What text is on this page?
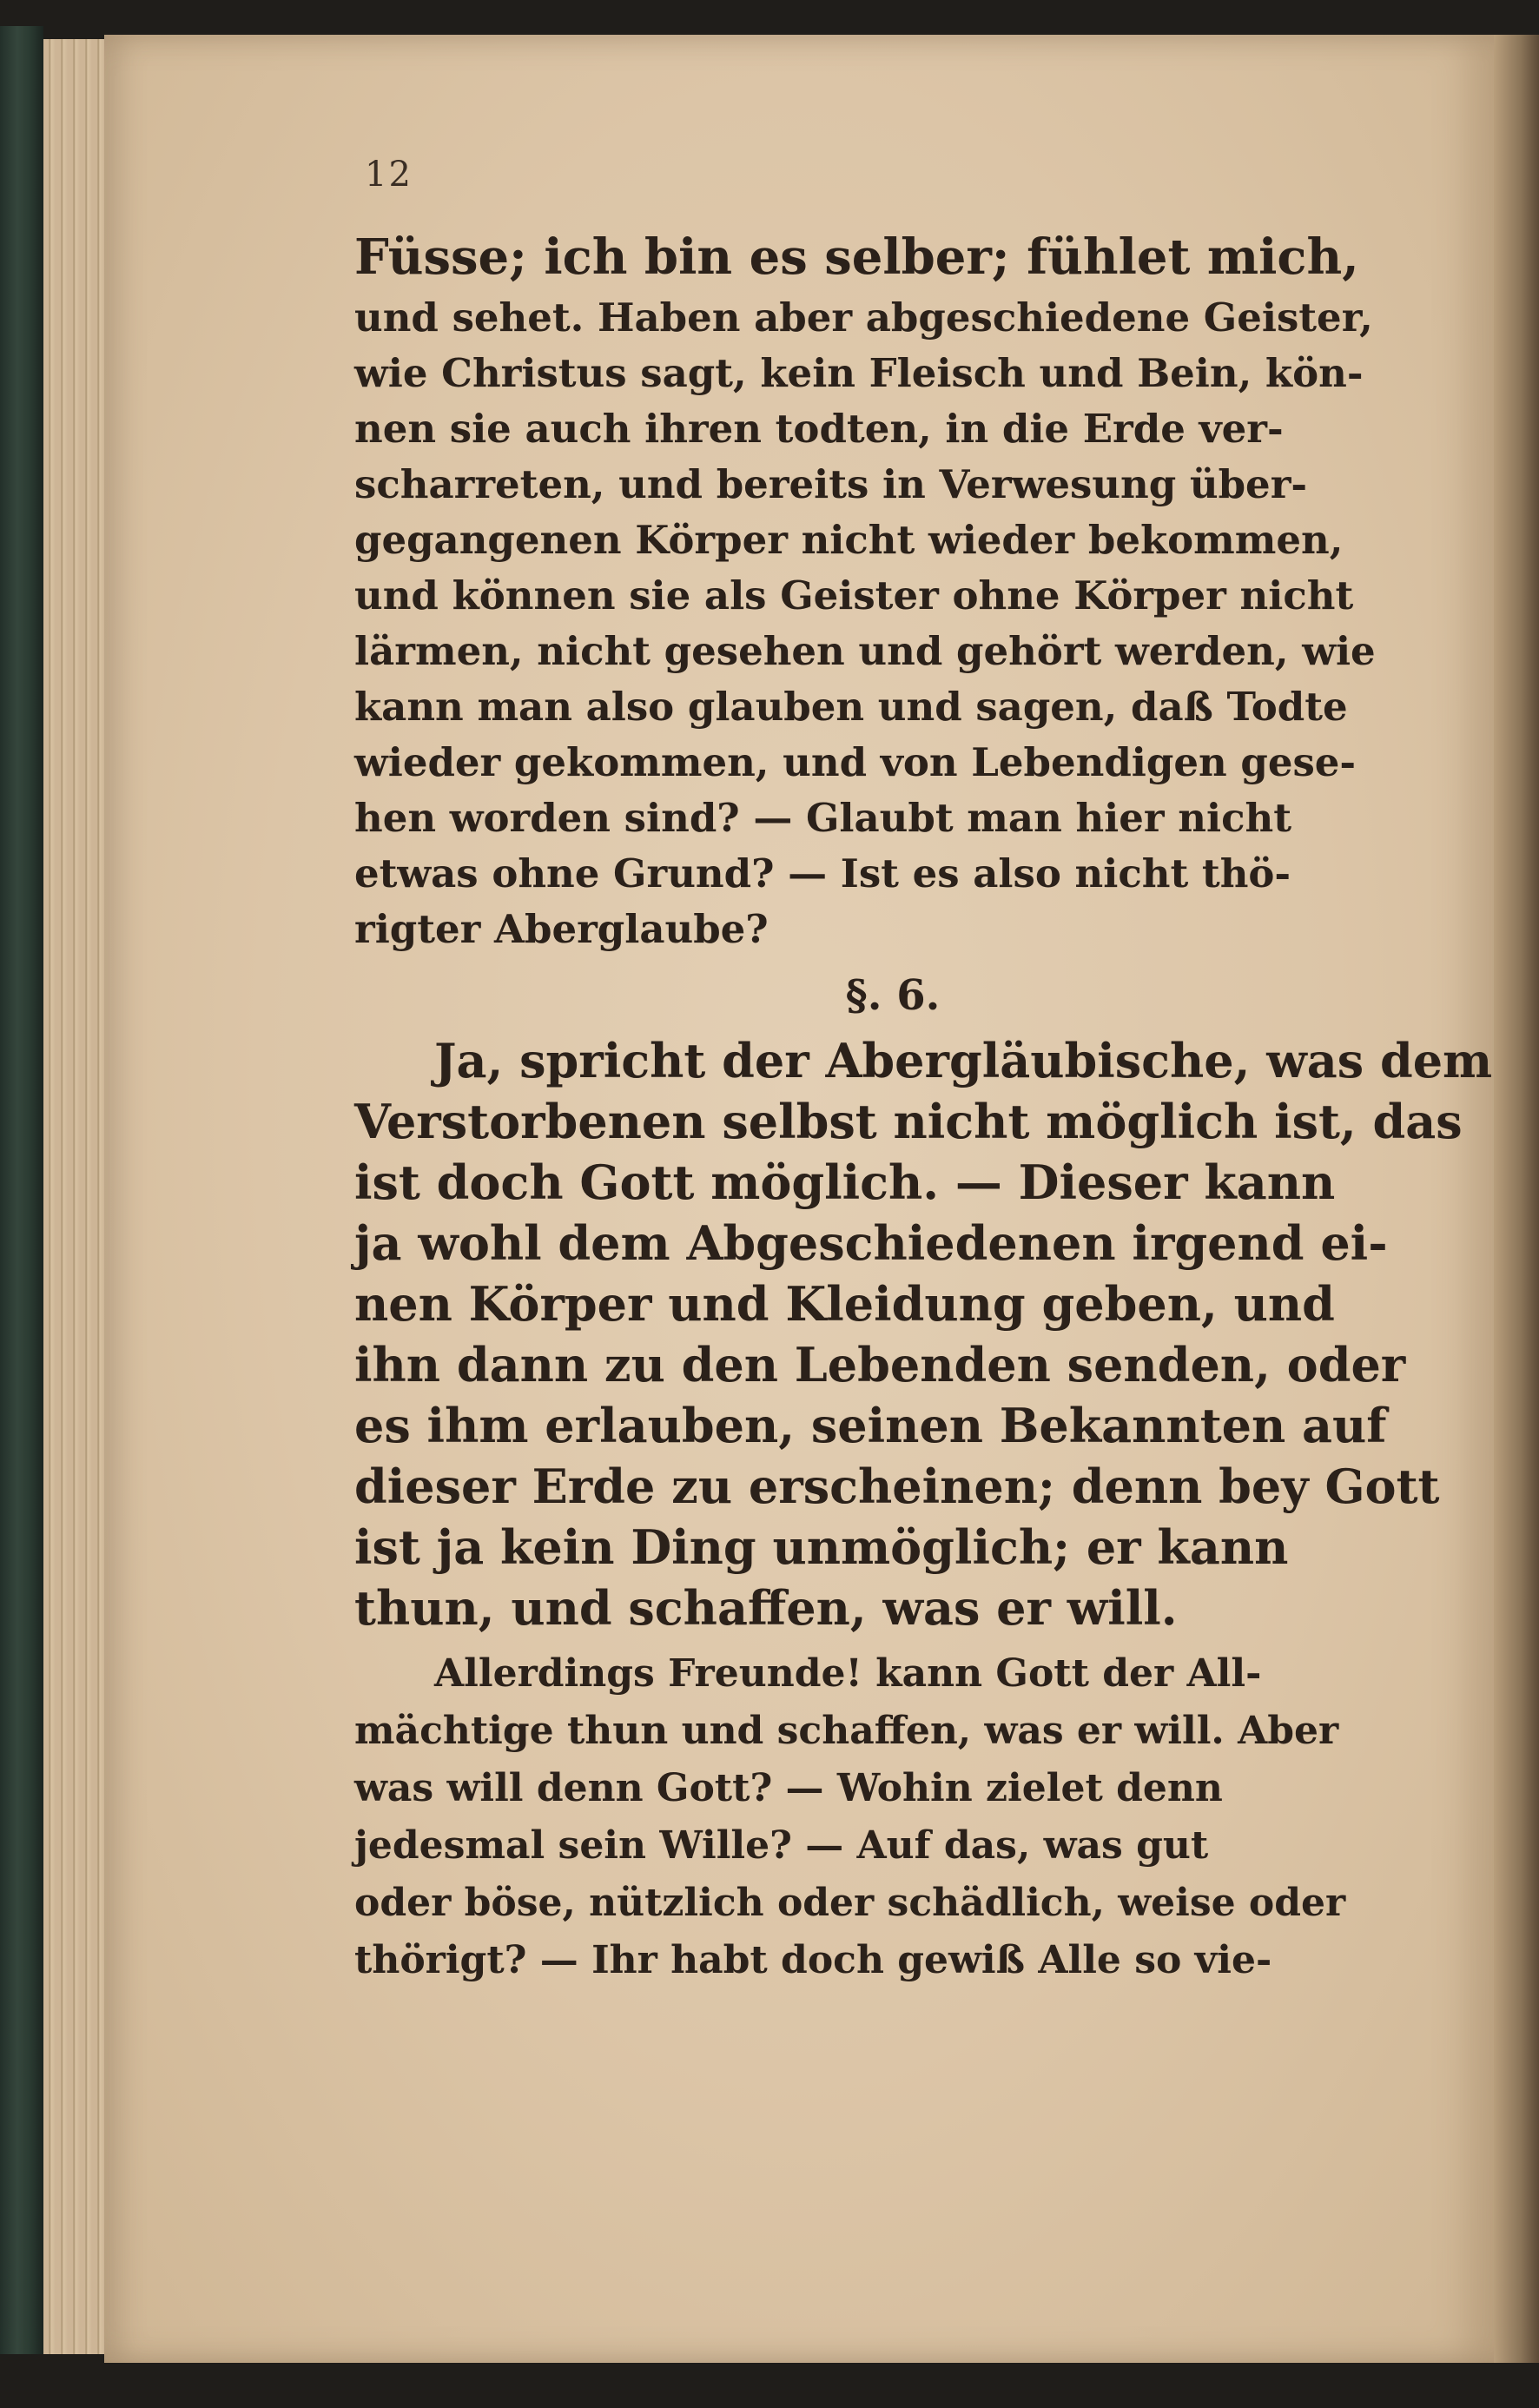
12
Füsse; ich bin es selber; fühlet mich,
und sehet. Haben aber abgeschiedene Geister,
wie Christus sagt, kein Fleisch und Bein, kön-
nen sie auch ihren todten, in die Erde ver-
scharreten, und bereits in Verwesung über-
gegangenen Körper nicht wieder bekommen,
und können sie als Geister ohne Körper nicht
lärmen, nicht gesehen und gehört werden, wie
kann man also glauben und sagen, daß Todte
wieder gekommen, und von Lebendigen gese-
hen worden sind? — Glaubt man hier nicht
etwas ohne Grund? — Ist es also nicht thö-
rigter Aberglaube?
§. 6.
Ja, spricht der Abergläubische, was dem
Verstorbenen selbst nicht möglich ist, das
ist doch Gott möglich. — Dieser kann
ja wohl dem Abgeschiedenen irgend ei-
nen Körper und Kleidung geben, und
ihn dann zu den Lebenden senden, oder
es ihm erlauben, seinen Bekannten auf
dieser Erde zu erscheinen; denn bey Gott
ist ja kein Ding unmöglich; er kann
thun, und schaffen, was er will.
Allerdings Freunde! kann Gott der All-
mächtige thun und schaffen, was er will. Aber
was will denn Gott? — Wohin zielet denn
jedesmal sein Wille? — Auf das, was gut
oder böse, nützlich oder schädlich, weise oder
thörigt? — Ihr habt doch gewiß Alle so vie-
